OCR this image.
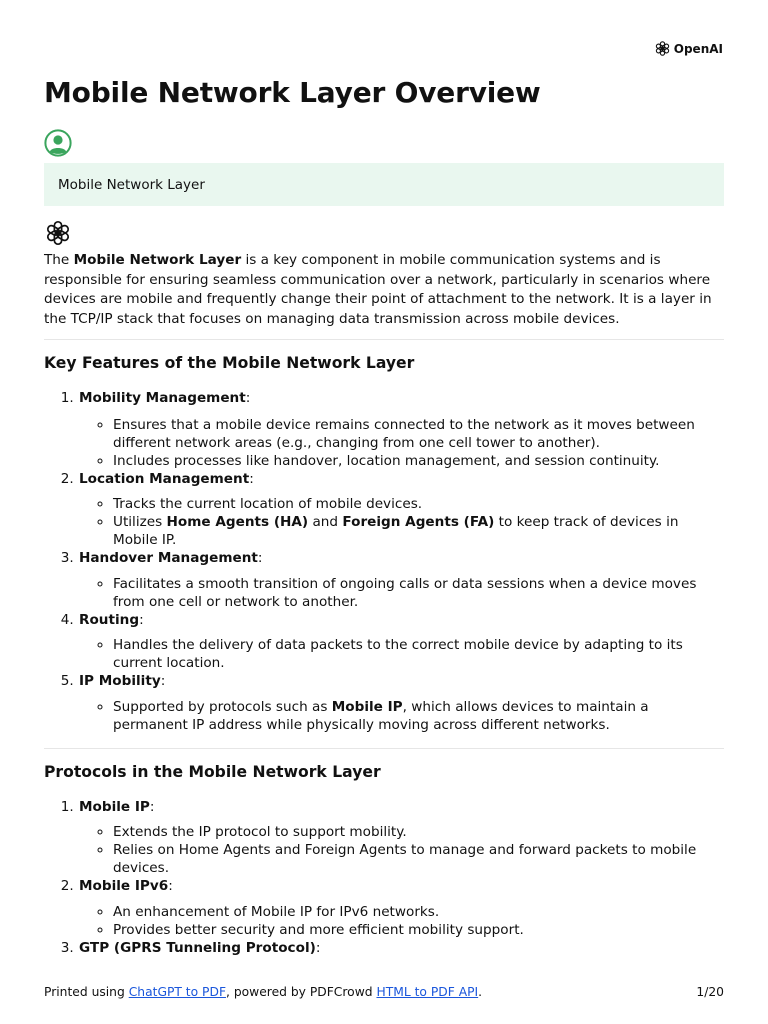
OpenAI
Mobile Network Layer Overview
Mobile Network Layer

The Mobile Network Layer is a key component in mobile communication systems and is responsible for ensuring seamless communication over a network, particularly in scenarios where devices are mobile and frequently change their point of attachment to the network. It is a layer in the TCP/IP stack that focuses on managing data transmission across mobile devices.

Key Features of the Mobile Network Layer
1. Mobility Management:
◦ Ensures that a mobile device remains connected to the network as it moves between different network areas (e.g., changing from one cell tower to another).
◦ Includes processes like handover, location management, and session continuity.
2. Location Management:
◦ Tracks the current location of mobile devices.
◦ Utilizes Home Agents (HA) and Foreign Agents (FA) to keep track of devices in Mobile IP.
3. Handover Management:
◦ Facilitates a smooth transition of ongoing calls or data sessions when a device moves from one cell or network to another.
4. Routing:
◦ Handles the delivery of data packets to the correct mobile device by adapting to its current location.
5. IP Mobility:
◦ Supported by protocols such as Mobile IP, which allows devices to maintain a permanent IP address while physically moving across different networks.
Protocols in the Mobile Network Layer
1. Mobile IP:
◦ Extends the IP protocol to support mobility.
◦ Relies on Home Agents and Foreign Agents to manage and forward packets to mobile devices.
2. Mobile IPv6:
◦ An enhancement of Mobile IP for IPv6 networks.
◦ Provides better security and more efficient mobility support.
3. GTP (GPRS Tunneling Protocol):
Printed using ChatGPT to PDF, powered by PDFCrowd HTML to PDF API.	1/20
